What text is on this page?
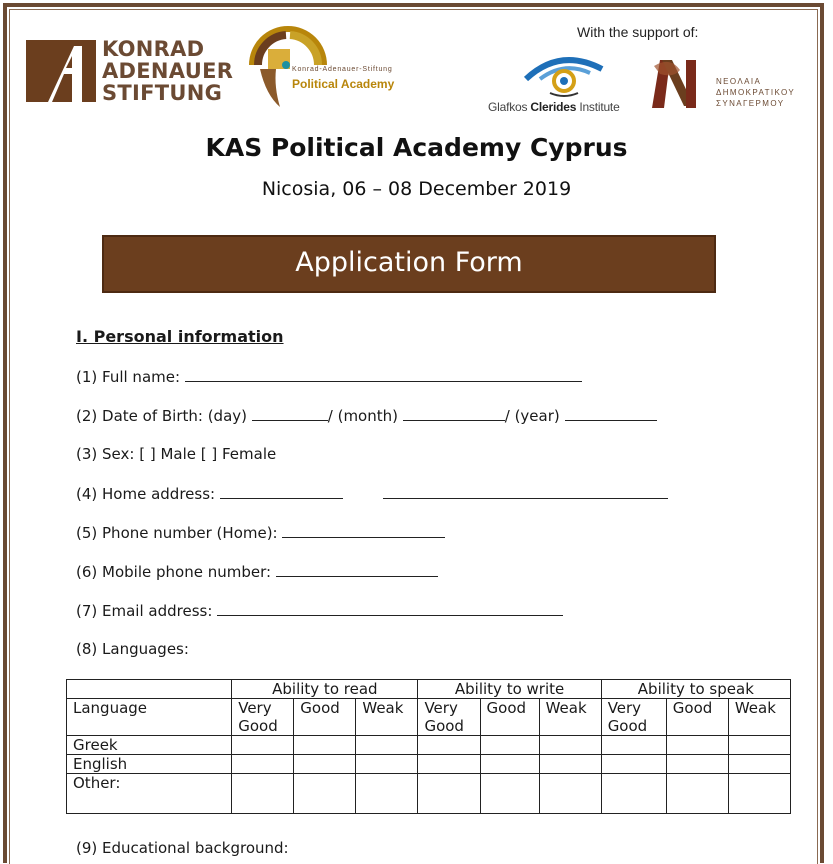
KONRAD
ADENAUER
STIFTUNG
Konrad-Adenauer-Stiftung
Political Academy
With the support of:
Glafkos Clerides Institute
ΝΕΟΛΑΙΑ
ΔΗΜΟΚΡΑΤΙΚΟΥ
ΣΥΝΑΓΕΡΜΟΥ
KAS Political Academy Cyprus
Nicosia, 06 – 08 December 2019
Application Form
I. Personal information
(1) Full name:
(2) Date of Birth: (day)	/ (month)	/ (year)
(3) Sex: [ ] Male [ ] Female
(4) Home address:
(5) Phone number (Home):
(6) Mobile phone number:
(7) Email address:
(8) Languages:
	Ability to read			Ability to write			Ability to speak		
Language	Very Good	Good	Weak	Very Good	Good	Weak	Very Good	Good	Weak
Greek									
English									
Other:									
(9) Educational background:
